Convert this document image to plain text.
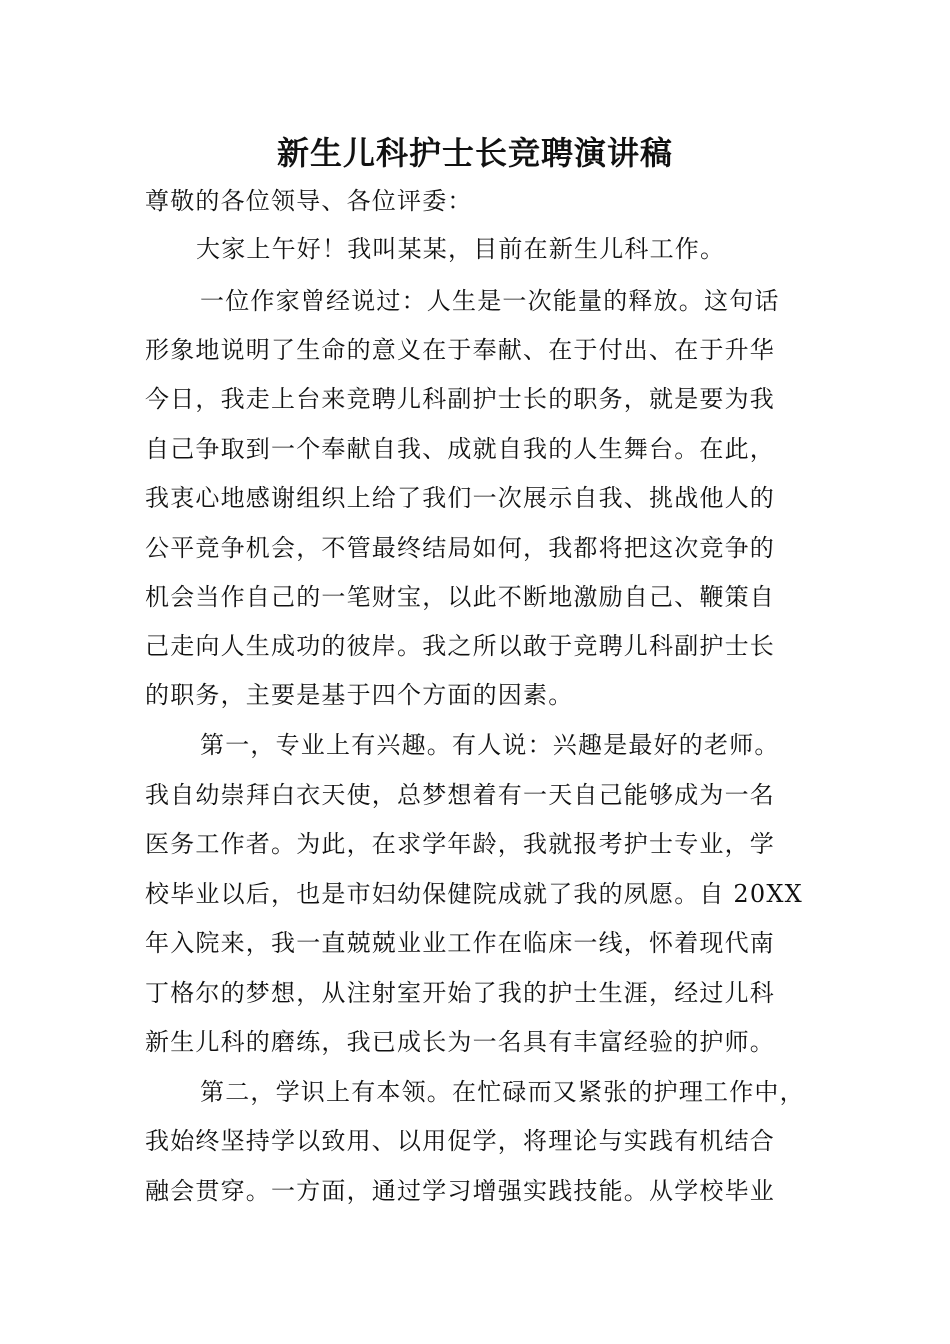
新生儿科护士长竞聘演讲稿
尊敬的各位领导、各位评委：
大家上午好！我叫某某，目前在新生儿科工作。
一位作家曾经说过：人生是一次能量的释放。这句话
形象地说明了生命的意义在于奉献、在于付出、在于升华
今日，我走上台来竞聘儿科副护士长的职务，就是要为我
自己争取到一个奉献自我、成就自我的人生舞台。在此，
我衷心地感谢组织上给了我们一次展示自我、挑战他人的
公平竞争机会，不管最终结局如何，我都将把这次竞争的
机会当作自己的一笔财宝，以此不断地激励自己、鞭策自
己走向人生成功的彼岸。我之所以敢于竞聘儿科副护士长
的职务，主要是基于四个方面的因素。
第一，专业上有兴趣。有人说：兴趣是最好的老师。
我自幼崇拜白衣天使，总梦想着有一天自己能够成为一名
医务工作者。为此，在求学年龄，我就报考护士专业，学
校毕业以后，也是市妇幼保健院成就了我的夙愿。自 20XX
年入院来，我一直兢兢业业工作在临床一线，怀着现代南
丁格尔的梦想，从注射室开始了我的护士生涯，经过儿科
新生儿科的磨练，我已成长为一名具有丰富经验的护师。
第二，学识上有本领。在忙碌而又紧张的护理工作中，
我始终坚持学以致用、以用促学，将理论与实践有机结合
融会贯穿。一方面，通过学习增强实践技能。从学校毕业
